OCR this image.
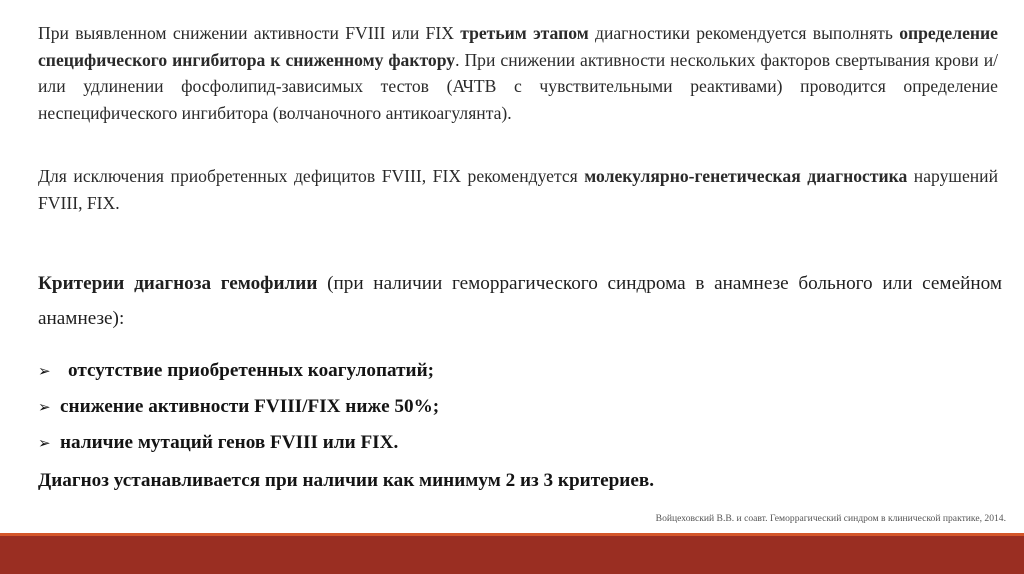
При выявленном снижении активности FVIII или FIX третьим этапом диагностики рекомендуется выполнять определение специфического ингибитора к сниженному фактору. При снижении активности нескольких факторов свертывания крови и/или удлинении фосфолипид-зависимых тестов (АЧТВ с чувствительными реактивами) проводится определение неспецифического ингибитора (волчаночного антикоагулянта).

Для исключения приобретенных дефицитов FVIII, FIX рекомендуется молекулярно-генетическая диагностика нарушений FVIII, FIX.

Критерии диагноза гемофилии (при наличии геморрагического синдрома в анамнезе больного или семейном анамнезе):

➢ отсутствие приобретенных коагулопатий;
➢ снижение активности FVIII/FIX ниже 50%;
➢ наличие мутаций генов FVIII или FIX.
Диагноз устанавливается при наличии как минимум 2 из 3 критериев.
Войцеховский В.В. и соавт. Геморрагический синдром в клинической практике, 2014.
